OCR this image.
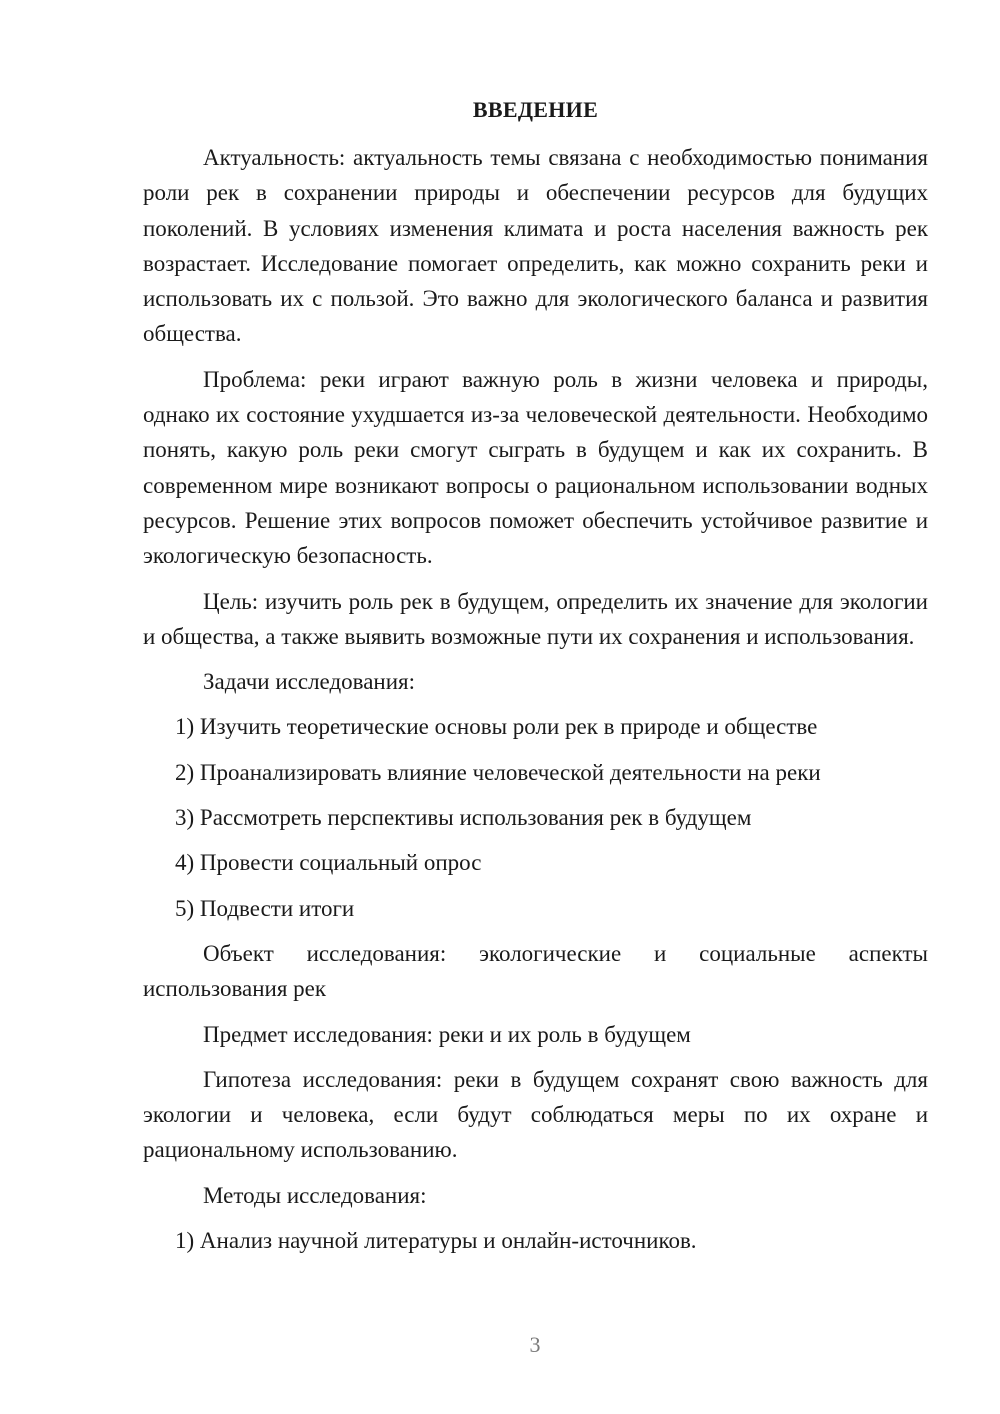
ВВЕДЕНИЕ

Актуальность: актуальность темы связана с необходимостью понимания роли рек в сохранении природы и обеспечении ресурсов для будущих поколений. В условиях изменения климата и роста населения важность рек возрастает. Исследование помогает определить, как можно сохранить реки и использовать их с пользой. Это важно для экологического баланса и развития общества.

Проблема: реки играют важную роль в жизни человека и природы, однако их состояние ухудшается из-за человеческой деятельности. Необходимо понять, какую роль реки смогут сыграть в будущем и как их сохранить. В современном мире возникают вопросы о рациональном использовании водных ресурсов. Решение этих вопросов поможет обеспечить устойчивое развитие и экологическую безопасность.

Цель: изучить роль рек в будущем, определить их значение для экологии и общества, а также выявить возможные пути их сохранения и использования.

Задачи исследования:

1) Изучить теоретические основы роли рек в природе и обществе
2) Проанализировать влияние человеческой деятельности на реки
3) Рассмотреть перспективы использования рек в будущем
4) Провести социальный опрос
5) Подвести итоги

Объект исследования: экологические и социальные аспекты использования рек

Предмет исследования: реки и их роль в будущем

Гипотеза исследования: реки в будущем сохранят свою важность для экологии и человека, если будут соблюдаться меры по их охране и рациональному использованию.

Методы исследования:

1) Анализ научной литературы и онлайн-источников.
3
